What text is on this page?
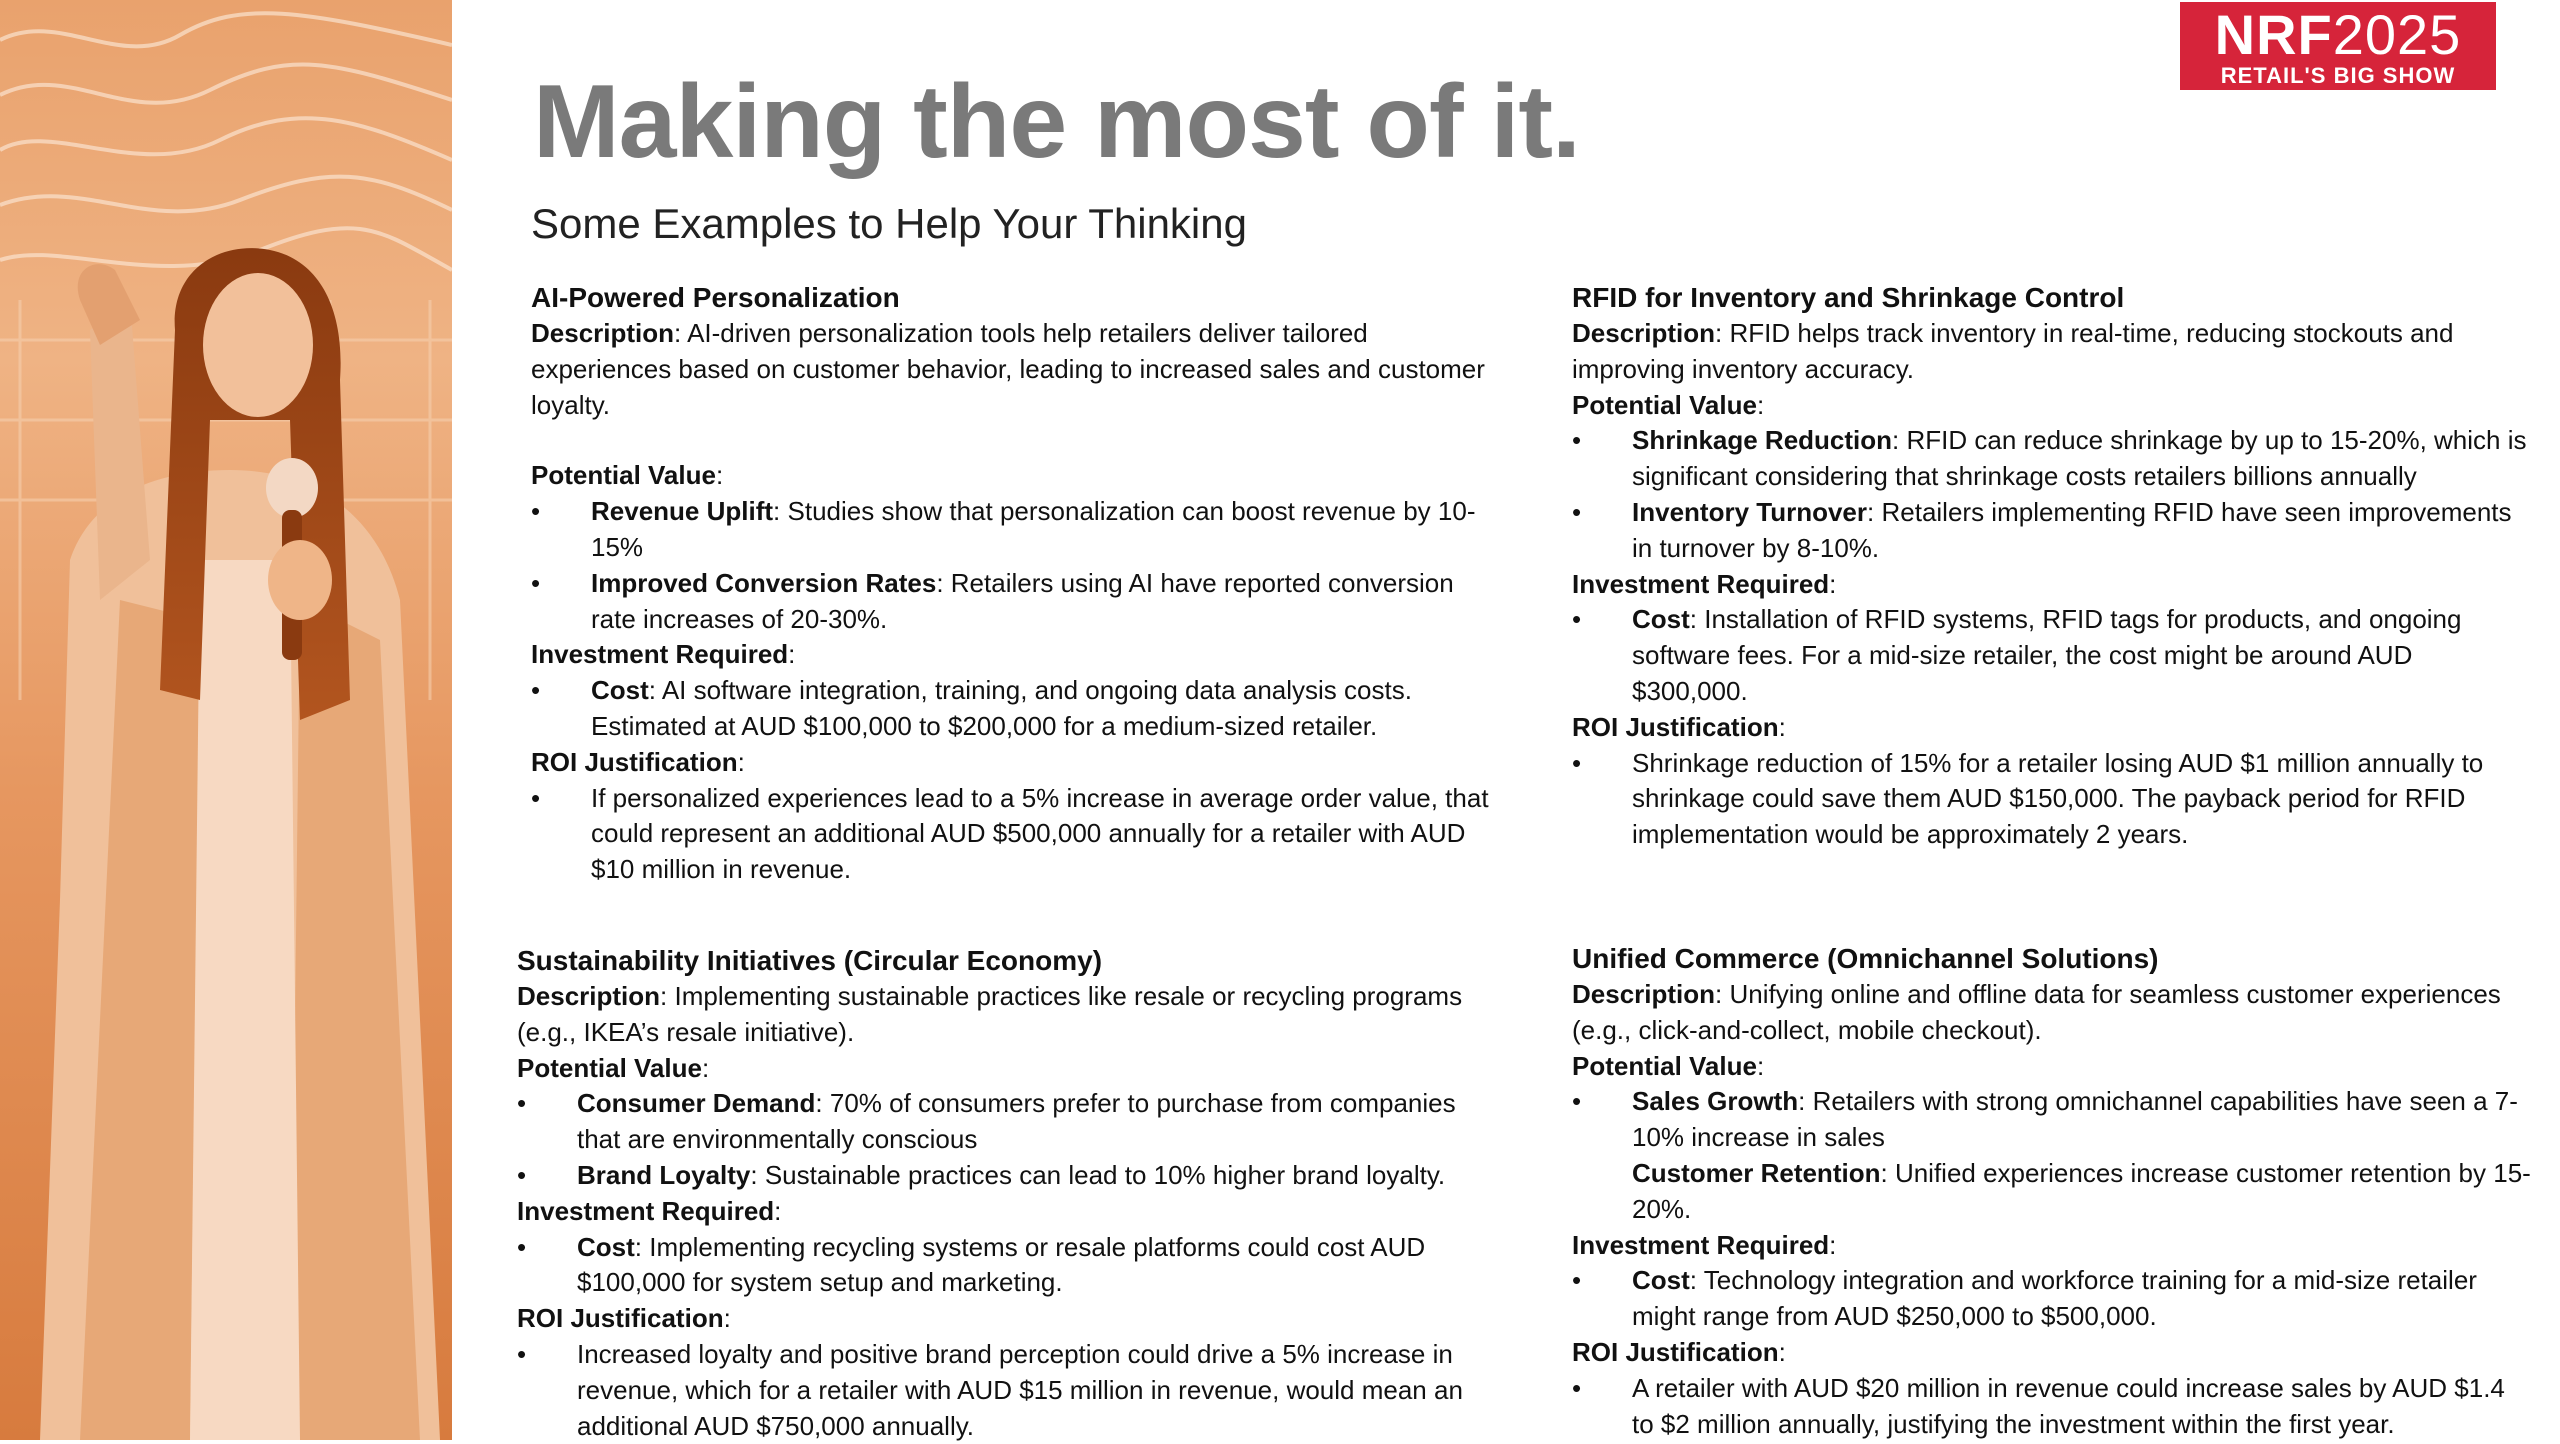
NRF2025
RETAIL'S BIG SHOW
Making the most of it.
Some Examples to Help Your Thinking
AI-Powered Personalization

Description: AI-driven personalization tools help retailers deliver tailored experiences based on customer behavior, leading to increased sales and customer loyalty.

Potential Value:

• Revenue Uplift: Studies show that personalization can boost revenue by 10-15%
• Improved Conversion Rates: Retailers using AI have reported conversion rate increases of 20-30%.

Investment Required:

• Cost: AI software integration, training, and ongoing data analysis costs. Estimated at AUD $100,000 to $200,000 for a medium-sized retailer.

ROI Justification:

• If personalized experiences lead to a 5% increase in average order value, that could represent an additional AUD $500,000 annually for a retailer with AUD $10 million in revenue.
RFID for Inventory and Shrinkage Control

Description: RFID helps track inventory in real-time, reducing stockouts and improving inventory accuracy.

Potential Value:

• Shrinkage Reduction: RFID can reduce shrinkage by up to 15-20%, which is significant considering that shrinkage costs retailers billions annually
• Inventory Turnover: Retailers implementing RFID have seen improvements in turnover by 8-10%.

Investment Required:

• Cost: Installation of RFID systems, RFID tags for products, and ongoing software fees. For a mid-size retailer, the cost might be around AUD $300,000.

ROI Justification:

• Shrinkage reduction of 15% for a retailer losing AUD $1 million annually to shrinkage could save them AUD $150,000. The payback period for RFID implementation would be approximately 2 years.
Sustainability Initiatives (Circular Economy)

Description: Implementing sustainable practices like resale or recycling programs (e.g., IKEA’s resale initiative).

Potential Value:

• Consumer Demand: 70% of consumers prefer to purchase from companies that are environmentally conscious
• Brand Loyalty: Sustainable practices can lead to 10% higher brand loyalty.

Investment Required:

• Cost: Implementing recycling systems or resale platforms could cost AUD $100,000 for system setup and marketing.

ROI Justification:

• Increased loyalty and positive brand perception could drive a 5% increase in revenue, which for a retailer with AUD $15 million in revenue, would mean an additional AUD $750,000 annually.
Unified Commerce (Omnichannel Solutions)

Description: Unifying online and offline data for seamless customer experiences (e.g., click-and-collect, mobile checkout).

Potential Value:

• Sales Growth: Retailers with strong omnichannel capabilities have seen a 7-10% increase in sales
Customer Retention: Unified experiences increase customer retention by 15-20%.

Investment Required:

• Cost: Technology integration and workforce training for a mid-size retailer might range from AUD $250,000 to $500,000.

ROI Justification:

• A retailer with AUD $20 million in revenue could increase sales by AUD $1.4 to $2 million annually, justifying the investment within the first year.
